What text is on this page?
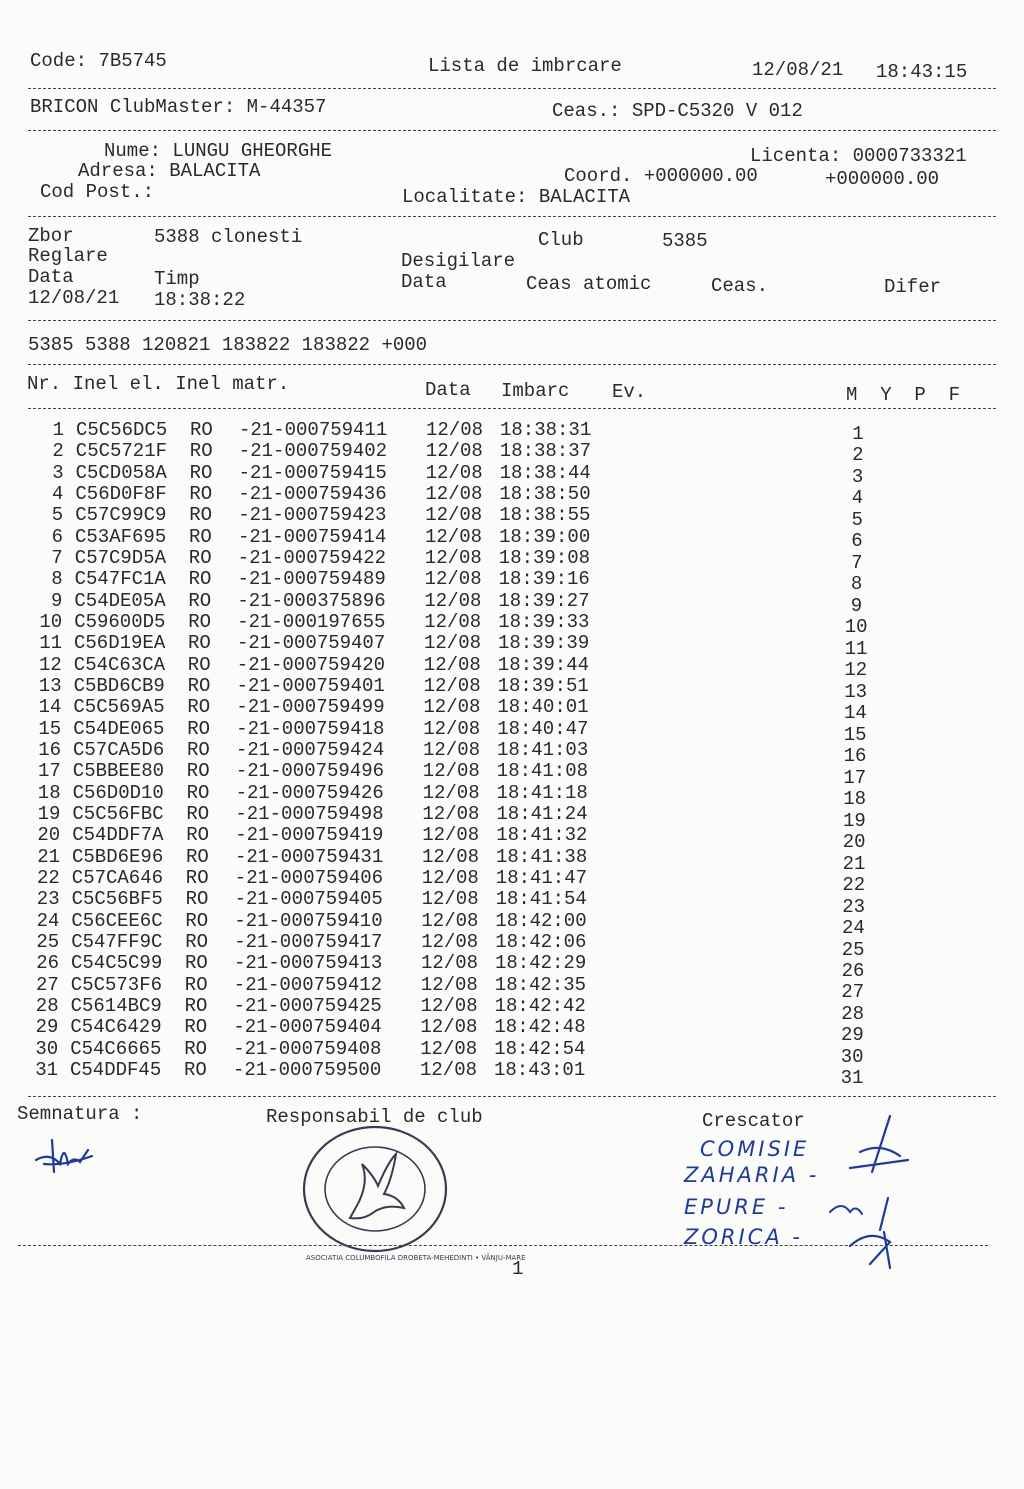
Code: 7B5745	Lista de imbrcare	12/08/21 18:43:15
BRICON ClubMaster: M-44357	Ceas.: SPD-C5320 V 012
Nume: LUNGU GHEORGHE	Licenta: 0000733321
Adresa: BALACITA	Coord. +000000.00	+000000.00
Cod Post.:	Localitate: BALACITA
Zbor	5388 clonesti	Club	5385
Reglare	Desigilare
Data	Timp	Data	Ceas atomic	Ceas.	Difer
12/08/21 18:38:22
5385 5388 120821 183822 183822 +000
Nr. Inel el. Inel matr.	Data Imbarc Ev.	M  Y  P  F
1 C5C56DC5 RO -21-000759411 12/08 18:38:31	1
2 C5C5721F RO -21-000759402 12/08 18:38:37	2
3 C5CD058A RO -21-000759415 12/08 18:38:44	3
4 C56D0F8F RO -21-000759436 12/08 18:38:50	4
5 C57C99C9 RO -21-000759423 12/08 18:38:55	5
6 C53AF695 RO -21-000759414 12/08 18:39:00	6
7 C57C9D5A RO -21-000759422 12/08 18:39:08	7
8 C547FC1A RO -21-000759489 12/08 18:39:16	8
9 C54DE05A RO -21-000375896 12/08 18:39:27	9
10 C59600D5 RO -21-000197655 12/08 18:39:33	10
11 C56D19EA RO -21-000759407 12/08 18:39:39	11
12 C54C63CA RO -21-000759420 12/08 18:39:44	12
13 C5BD6CB9 RO -21-000759401 12/08 18:39:51	13
14 C5C569A5 RO -21-000759499 12/08 18:40:01	14
15 C54DE065 RO -21-000759418 12/08 18:40:47	15
16 C57CA5D6 RO -21-000759424 12/08 18:41:03	16
17 C5BBEE80 RO -21-000759496 12/08 18:41:08	17
18 C56D0D10 RO -21-000759426 12/08 18:41:18	18
19 C5C56FBC RO -21-000759498 12/08 18:41:24	19
20 C54DDF7A RO -21-000759419 12/08 18:41:32	20
21 C5BD6E96 RO -21-000759431 12/08 18:41:38	21
22 C57CA646 RO -21-000759406 12/08 18:41:47	22
23 C5C56BF5 RO -21-000759405 12/08 18:41:54	23
24 C56CEE6C RO -21-000759410 12/08 18:42:00	24
25 C547FF9C RO -21-000759417 12/08 18:42:06	25
26 C54C5C99 RO -21-000759413 12/08 18:42:29	26
27 C5C573F6 RO -21-000759412 12/08 18:42:35	27
28 C5614BC9 RO -21-000759425 12/08 18:42:42	28
29 C54C6429 RO -21-000759404 12/08 18:42:48	29
30 C54C6665 RO -21-000759408 12/08 18:42:54	30
31 C54DDF45 RO -21-000759500 12/08 18:43:01	31
Semnatura :	Responsabil de club	Crescator
ASOCIATIA COLUMBOFILA DROBETA-MEHEDINTI • VÂNJU-MARE
COMISIE
ZAHARIA -
EPURE -
ZORICA -
1
